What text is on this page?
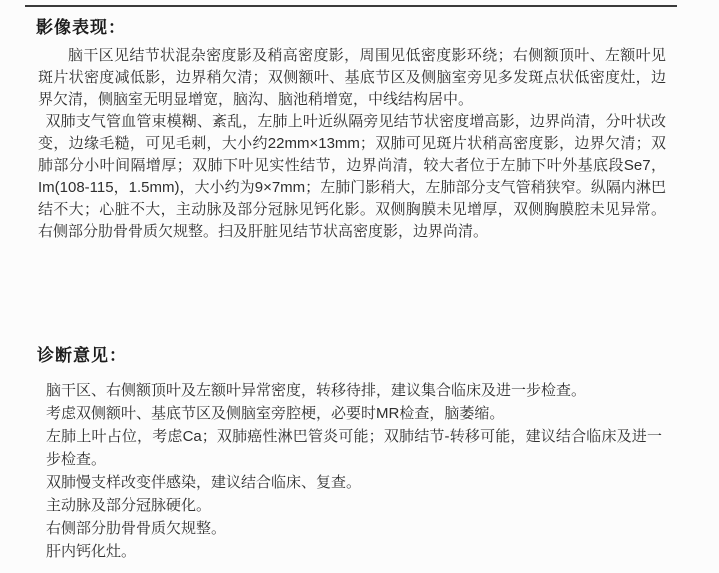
影像表现：
脑干区见结节状混杂密度影及稍高密度影，周围见低密度影环绕；右侧额顶叶、左额叶见斑片状密度减低影，边界稍欠清；双侧额叶、基底节区及侧脑室旁见多发斑点状低密度灶，边界欠清，侧脑室无明显增宽，脑沟、脑池稍增宽，中线结构居中。
双肺支气管血管束模糊、紊乱，左肺上叶近纵隔旁见结节状密度增高影，边界尚清，分叶状改变，边缘毛糙，可见毛刺，大小约22mm×13mm；双肺可见斑片状稍高密度影，边界欠清；双肺部分小叶间隔增厚；双肺下叶见实性结节，边界尚清，较大者位于左肺下叶外基底段Se7，Im(108-115，1.5mm)，大小约为9×7mm；左肺门影稍大，左肺部分支气管稍狭窄。纵隔内淋巴结不大；心脏不大，主动脉及部分冠脉见钙化影。双侧胸膜未见增厚，双侧胸膜腔未见异常。右侧部分肋骨骨质欠规整。扫及肝脏见结节状高密度影，边界尚清。
诊断意见：
脑干区、右侧额顶叶及左额叶异常密度，转移待排，建议集合临床及进一步检查。
考虑双侧额叶、基底节区及侧脑室旁腔梗，必要时MR检查，脑萎缩。
左肺上叶占位，考虑Ca；双肺癌性淋巴管炎可能；双肺结节-转移可能，建议结合临床及进一步检查。
双肺慢支样改变伴感染，建议结合临床、复查。
主动脉及部分冠脉硬化。
右侧部分肋骨骨质欠规整。
肝内钙化灶。
